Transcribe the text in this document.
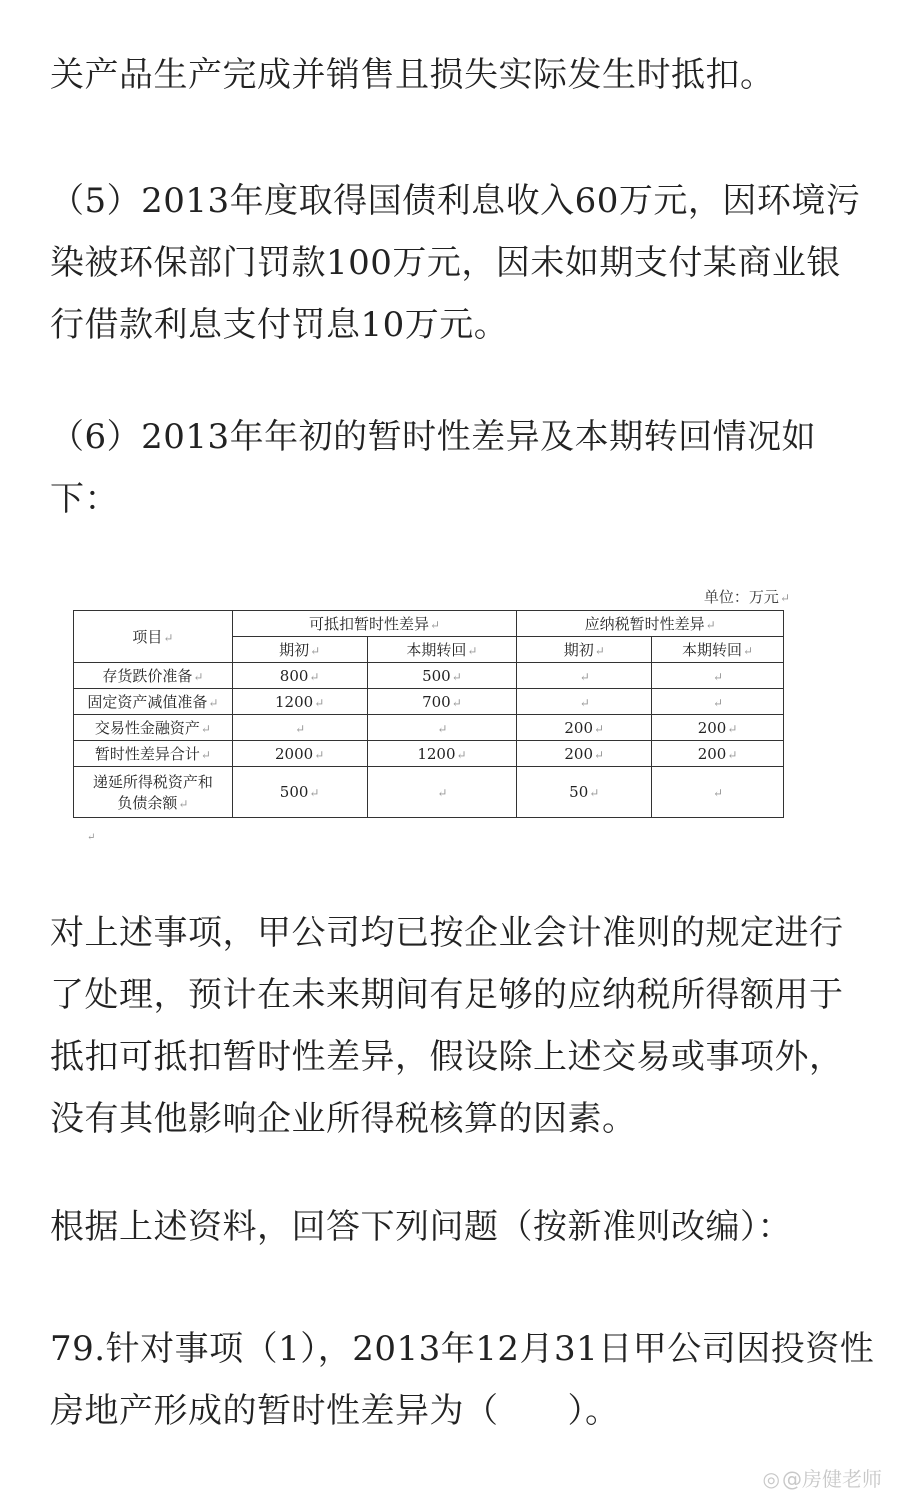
关产品生产完成并销售且损失实际发生时抵扣。
（5）2013年度取得国债利息收入60万元，因环境污
染被环保部门罚款100万元，因未如期支付某商业银
行借款利息支付罚息10万元。
（6）2013年年初的暂时性差异及本期转回情况如
下：
单位：万元↵
项目↵	可抵扣暂时性差异↵		应纳税暂时性差异↵	
	期初↵	本期转回↵	期初↵	本期转回↵
存货跌价准备↵	800↵	500↵	↵	↵
固定资产减值准备↵	1200↵	700↵	↵	↵
交易性金融资产↵	↵	↵	200↵	200↵
暂时性差异合计↵	2000↵	1200↵	200↵	200↵
递延所得税资产和
负债余额↵	500↵	↵	50↵	↵
↵
对上述事项，甲公司均已按企业会计准则的规定进行
了处理，预计在未来期间有足够的应纳税所得额用于
抵扣可抵扣暂时性差异，假设除上述交易或事项外，
没有其他影响企业所得税核算的因素。
根据上述资料，回答下列问题（按新准则改编）：
79.针对事项（1），2013年12月31日甲公司因投资性
房地产形成的暂时性差异为（　　）。
◎ @房健老师
